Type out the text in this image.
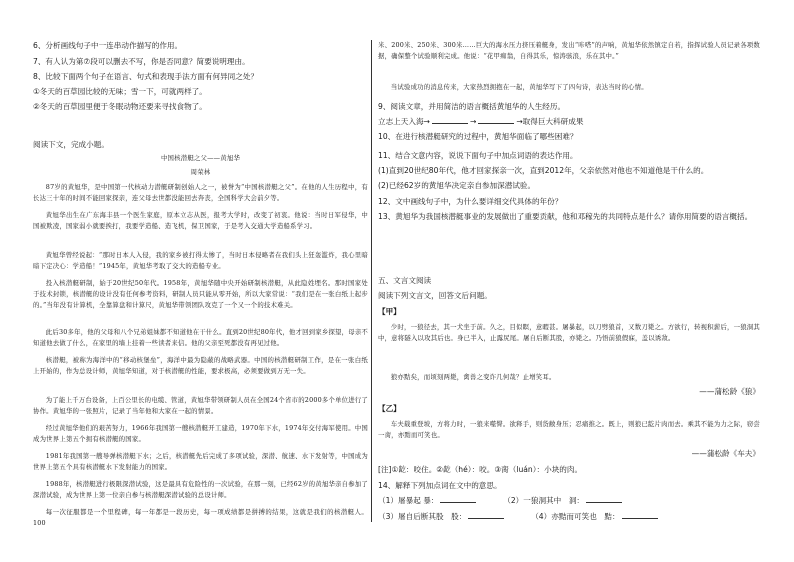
6、分析画线句子中一连串动作描写的作用。
7、有人认为第⑦段可以删去不写，你是否同意？简要说明理由。
8、比较下面两个句子在语言、句式和表现手法方面有何异同之处？
①冬天的百草园比较的无味；雪一下，可就两样了。
②冬天的百草园里便于冬眠动物还要来寻找食物了。
阅读下文，完成小题。
中国核潜艇之父——黄旭华
周荣林
87岁的黄旭华，是中国第一代核动力潜艇研制创始人之一，被誉为“中国核潜艇之父”。在他的人生历程中，有长达三十年的时间不能回家探亲，连父母去世都没能回去奔丧，全国科学大会前夕等。
黄旭华出生在广东海丰县一个医生家庭，原本立志从医，报考大学时，改变了初衷。他说：当时日军侵华，中国被欺凌，国家弱小就要挨打，我要学造船、造飞机，保卫国家，于是考入交通大学造船系学习。
黄旭华曾经说起：“那时日本人入侵，我的家乡被打得太惨了，当时日本侵略者在我们头上狂轰滥炸，我心里暗暗下定决心：学造船！”1945年，黄旭华考取了交大的造船专业。
投入核潜艇研制，始于20世纪50年代。1958年，黄旭华随中央开始研制核潜艇，从此隐姓埋名。那时国家处于技术封锁，核潜艇的设计没有任何参考资料，研制人员只能从零开始，所以大家常说：“我们是在一张白纸上起步的。”当年没有计算机，全靠算盘和计算尺，黄旭华带领团队攻克了一个又一个的技术难关。
此后30多年，他的父母和八个兄弟姐妹都不知道他在干什么。直到20世纪80年代，他才回到家乡探望，母亲不知道他去做了什么，在家里的墙上挂着一些读者来信。他的父亲至死都没有再见过他。
核潜艇，被称为海洋中的“移动核堡垒”，海洋中最为隐蔽的战略武器。中国的核潜艇研制工作，是在一张白纸上开始的，作为总设计师，黄旭华知道，对于核潜艇的性能，要求极高，必须要做到万无一失。
为了能上千万台设备，上百公里长的电缆、管道，黄旭华带领研制人员在全国24个省市的2000多个单位进行了协作。黄旭华的一张照片，记录了当年他和大家在一起的情景。
经过黄旭华他们的艰苦努力，1966年我国第一艘核潜艇开工建造，1970年下水，1974年交付海军使用。中国成为世界上第五个拥有核潜艇的国家。
1981年我国第一艘导弹核潜艇下水；之后，核潜艇先后完成了多项试验，深潜、航速、水下发射等，中国成为世界上第五个具有核潜艇水下发射能力的国家。
1988年，核潜艇进行极限深潜试验，这是最具有危险性的一次试验，在那一刻，已经62岁的黄旭华亲自参加了深潜试验，成为世界上第一位亲自参与核潜艇深潜试验的总设计师。
每一次征服都是一个里程碑，每一年都是一段历史，每一项成绩都是拼搏的结果，这就是我们的核潜艇人。100
米、200米、250米、300米……巨大的海水压力挤压着艇身，发出“咔嗒”的声响，黄旭华依然镇定自若，指挥试验人员记录各项数据，确保整个试验顺利完成。他说：“花甲痴翁，自得其乐，惊涛骇浪，乐在其中。”
当试验成功的消息传来，大家热烈拥抱在一起，黄旭华写下了四句诗，表达当时的心情。
9、阅读文章，并用简洁的语言概括黄旭华的人生经历。
立志上天入海→	→	→取得巨大科研成果
10、在进行核潜艇研究的过程中，黄旭华面临了哪些困难？
11、结合文意内容，说说下面句子中加点词语的表达作用。
(1)直到20世纪80年代，他才回家探亲一次，直到2012年，父亲依然对他也不知道他是干什么的。
(2)已经62岁的黄旭华决定亲自参加深潜试验。
12、文中画线句子中，为什么要详细交代具体的年份？
13、黄旭华为我国核潜艇事业的发展做出了重要贡献，他和邓稼先的共同特点是什么？请你用简要的语言概括。
五、文言文阅读
阅读下列文言文，回答文后问题。
【甲】
少时，一狼径去，其一犬坐于前。久之，目似瞑，意暇甚。屠暴起，以刀劈狼首，又数刀毙之。方欲行，转视积薪后，一狼洞其中，意将隧入以攻其后也。身已半入，止露尻尾。屠自后断其股，亦毙之。乃悟前狼假寐，盖以诱敌。
狼亦黠矣，而顷刻两毙，禽兽之变诈几何哉？止增笑耳。
——蒲松龄《狼》
【乙】
车夫载重登坡，方将力时，一狼来噬臀。欲释手，则货敝身压；忍痛推之。既上，则狼已龁片肉而去。乘其不能为力之际，窃尝一脔，亦黠而可笑也。
——蒲松龄《车夫》
[注]①龁：咬住。②龁（hé）：咬。③脔（luán）：小块的肉。
14、解释下列加点词在文中的意思。
（1）屠暴起 暴：	（2）一狼洞其中　洞：
（3）屠自后断其股　股：	（4）亦黠而可笑也　黠：
